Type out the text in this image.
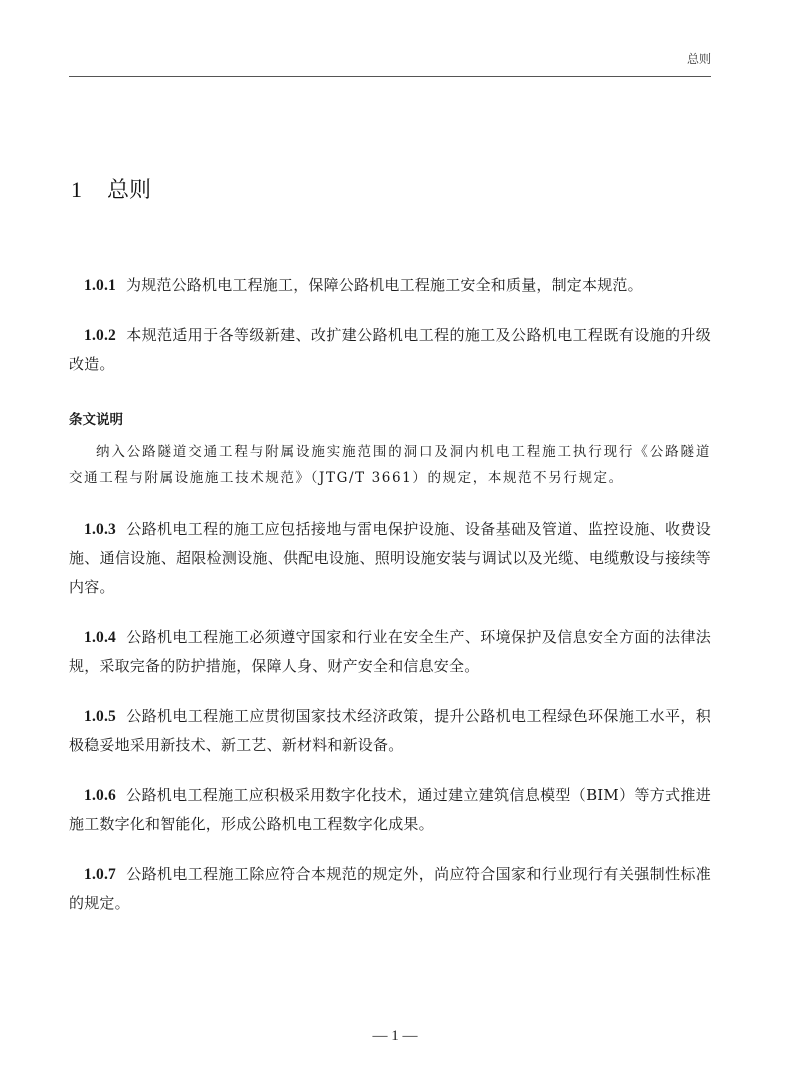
总则
1 总则

1.0.1 为规范公路机电工程施工，保障公路机电工程施工安全和质量，制定本规范。

1.0.2 本规范适用于各等级新建、改扩建公路机电工程的施工及公路机电工程既有设施的升级改造。

条文说明

纳入公路隧道交通工程与附属设施实施范围的洞口及洞内机电工程施工执行现行《公路隧道交通工程与附属设施施工技术规范》（JTG/T 3661）的规定，本规范不另行规定。

1.0.3 公路机电工程的施工应包括接地与雷电保护设施、设备基础及管道、监控设施、收费设施、通信设施、超限检测设施、供配电设施、照明设施安装与调试以及光缆、电缆敷设与接续等内容。

1.0.4 公路机电工程施工必须遵守国家和行业在安全生产、环境保护及信息安全方面的法律法规，采取完备的防护措施，保障人身、财产安全和信息安全。

1.0.5 公路机电工程施工应贯彻国家技术经济政策，提升公路机电工程绿色环保施工水平，积极稳妥地采用新技术、新工艺、新材料和新设备。

1.0.6 公路机电工程施工应积极采用数字化技术，通过建立建筑信息模型（BIM）等方式推进施工数字化和智能化，形成公路机电工程数字化成果。

1.0.7 公路机电工程施工除应符合本规范的规定外，尚应符合国家和行业现行有关强制性标准的规定。

— 1 —
